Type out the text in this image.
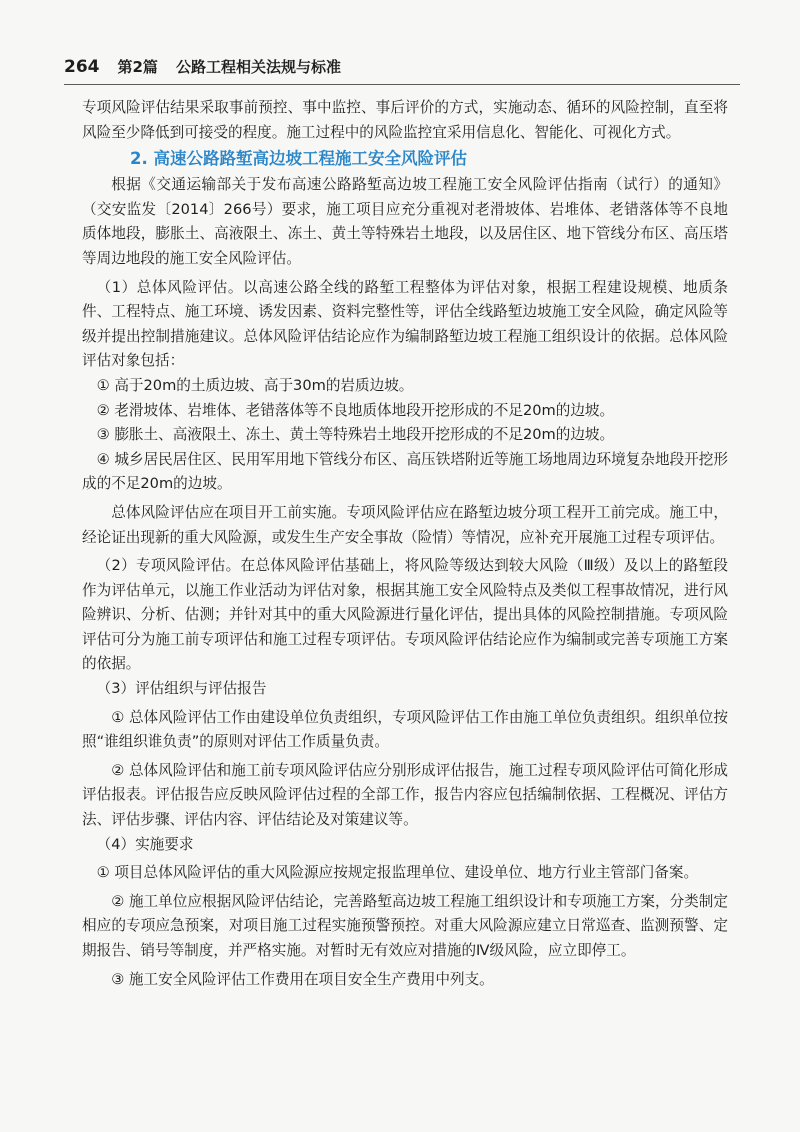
264 第2篇 公路工程相关法规与标准

专项风险评估结果采取事前预控、事中监控、事后评价的方式，实施动态、循环的风险控制，直至将风险至少降低到可接受的程度。施工过程中的风险监控宜采用信息化、智能化、可视化方式。

2. 高速公路路堑高边坡工程施工安全风险评估

根据《交通运输部关于发布高速公路路堑高边坡工程施工安全风险评估指南（试行）的通知》（交安监发〔2014〕266号）要求，施工项目应充分重视对老滑坡体、岩堆体、老错落体等不良地质体地段，膨胀土、高液限土、冻土、黄土等特殊岩土地段，以及居住区、地下管线分布区、高压塔等周边地段的施工安全风险评估。

（1）总体风险评估。以高速公路全线的路堑工程整体为评估对象，根据工程建设规模、地质条件、工程特点、施工环境、诱发因素、资料完整性等，评估全线路堑边坡施工安全风险，确定风险等级并提出控制措施建议。总体风险评估结论应作为编制路堑边坡工程施工组织设计的依据。总体风险评估对象包括：

① 高于20m的土质边坡、高于30m的岩质边坡。

② 老滑坡体、岩堆体、老错落体等不良地质体地段开挖形成的不足20m的边坡。

③ 膨胀土、高液限土、冻土、黄土等特殊岩土地段开挖形成的不足20m的边坡。

④ 城乡居民居住区、民用军用地下管线分布区、高压铁塔附近等施工场地周边环境复杂地段开挖形成的不足20m的边坡。

总体风险评估应在项目开工前实施。专项风险评估应在路堑边坡分项工程开工前完成。施工中，经论证出现新的重大风险源，或发生生产安全事故（险情）等情况，应补充开展施工过程专项评估。

（2）专项风险评估。在总体风险评估基础上，将风险等级达到较大风险（Ⅲ级）及以上的路堑段作为评估单元，以施工作业活动为评估对象，根据其施工安全风险特点及类似工程事故情况，进行风险辨识、分析、估测；并针对其中的重大风险源进行量化评估，提出具体的风险控制措施。专项风险评估可分为施工前专项评估和施工过程专项评估。专项风险评估结论应作为编制或完善专项施工方案的依据。

（3）评估组织与评估报告

① 总体风险评估工作由建设单位负责组织，专项风险评估工作由施工单位负责组织。组织单位按照“谁组织谁负责”的原则对评估工作质量负责。

② 总体风险评估和施工前专项风险评估应分别形成评估报告，施工过程专项风险评估可简化形成评估报表。评估报告应反映风险评估过程的全部工作，报告内容应包括编制依据、工程概况、评估方法、评估步骤、评估内容、评估结论及对策建议等。

（4）实施要求

① 项目总体风险评估的重大风险源应按规定报监理单位、建设单位、地方行业主管部门备案。

② 施工单位应根据风险评估结论，完善路堑高边坡工程施工组织设计和专项施工方案，分类制定相应的专项应急预案，对项目施工过程实施预警预控。对重大风险源应建立日常巡查、监测预警、定期报告、销号等制度，并严格实施。对暂时无有效应对措施的Ⅳ级风险，应立即停工。

③ 施工安全风险评估工作费用在项目安全生产费用中列支。
